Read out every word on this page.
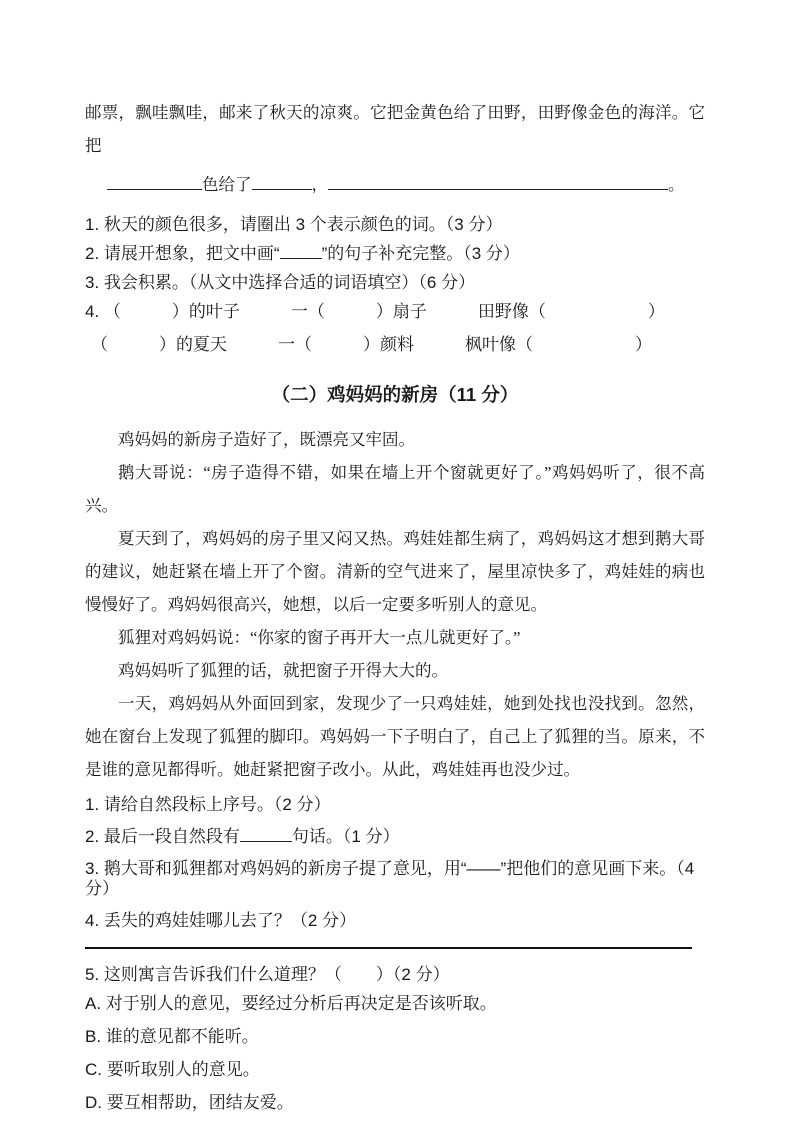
邮票，飘哇飘哇，邮来了秋天的凉爽。它把金黄色给了田野，田野像金色的海洋。它把

色给了	，	。

1. 秋天的颜色很多，请圈出 3 个表示颜色的词。（3 分）

2. 请展开想象，把文中画“ ”的句子补充完整。（3 分）

3. 我会积累。（从文中选择合适的词语填空）（6 分）

4. （　　　）的叶子　　　一（　　　）扇子　　　田野像（　　　　　　）

（　　　）的夏天　　　一（　　　）颜料　　　枫叶像（　　　　　　）

（二）鸡妈妈的新房（11 分）

鸡妈妈的新房子造好了，既漂亮又牢固。

鹅大哥说：“房子造得不错，如果在墙上开个窗就更好了。”鸡妈妈听了，很不高兴。

夏天到了，鸡妈妈的房子里又闷又热。鸡娃娃都生病了，鸡妈妈这才想到鹅大哥的建议，她赶紧在墙上开了个窗。清新的空气进来了，屋里凉快多了，鸡娃娃的病也慢慢好了。鸡妈妈很高兴，她想，以后一定要多听别人的意见。

狐狸对鸡妈妈说：“你家的窗子再开大一点儿就更好了。”

鸡妈妈听了狐狸的话，就把窗子开得大大的。

一天，鸡妈妈从外面回到家，发现少了一只鸡娃娃，她到处找也没找到。忽然，她在窗台上发现了狐狸的脚印。鸡妈妈一下子明白了，自己上了狐狸的当。原来，不是谁的意见都得听。她赶紧把窗子改小。从此，鸡娃娃再也没少过。

1. 请给自然段标上序号。（2 分）

2. 最后一段自然段有	句话。（1 分）

3. 鹅大哥和狐狸都对鸡妈妈的新房子提了意见，用“——”把他们的意见画下来。（4 分）

4. 丢失的鸡娃娃哪儿去了？（2 分）

5. 这则寓言告诉我们什么道理？（　　）（2 分）

A. 对于别人的意见，要经过分析后再决定是否该听取。

B. 谁的意见都不能听。

C. 要听取别人的意见。

D. 要互相帮助，团结友爱。
